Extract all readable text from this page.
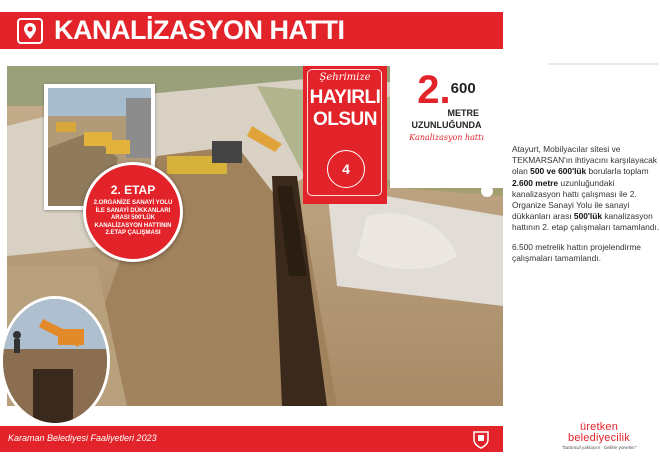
KANALİZASYON HATTI
2. ETAP
2.ORGANİZE SANAYİ YOLU İLE SANAYİ DÜKKANLARI ARASI 500'LÜK KANALİZASYON HATTININ 2.ETAP ÇALIŞMASI
Şehrimize
HAYIRLI
OLSUN
4
2.600
METRE
UZUNLUĞUNDA
Kanalizasyon hattı

Atayurt, Mobilyacılar sitesi ve TEKMARSAN'ın ihtiyacını karşılayacak olan 500 ve 600'lük borularla toplam 2.600 metre uzunluğundaki kanalizasyon hattı çalışması ile 2. Organize Sanayi Yolu ile sanayi dükkanları arası 500'lük kanalizasyon hattının 2. etap çalışmaları tamamlandı.

6.500 metrelik hattın projelendirme çalışmaları tamamlandı.

Karaman Belediyesi Faaliyetleri 2023
üretken
belediyecilik
"bütüncül yaklaşım - birlikte yönetim"
